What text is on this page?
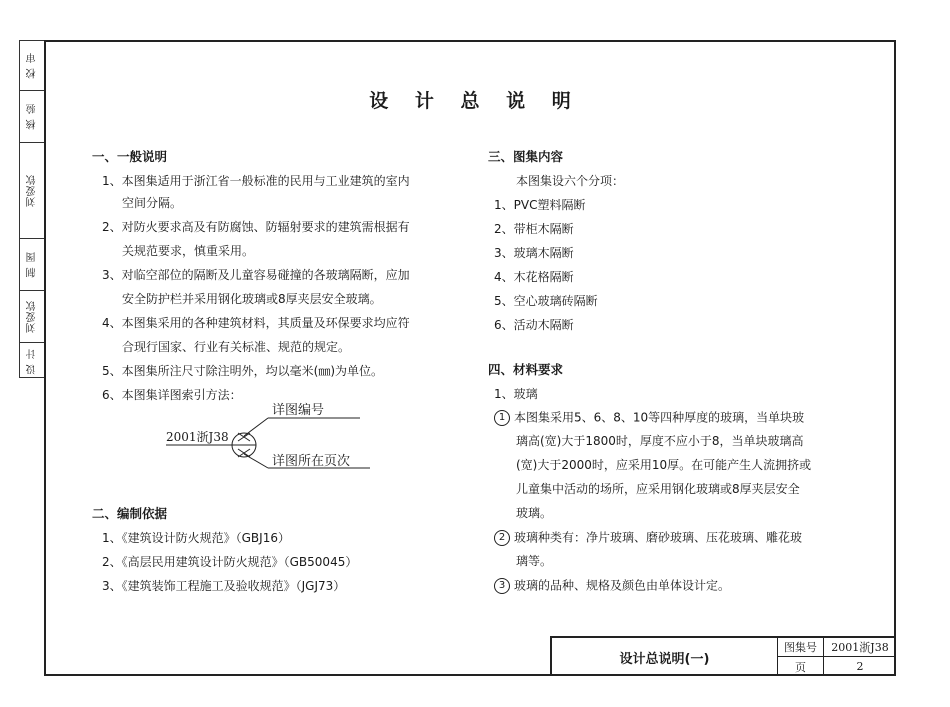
校 审
核 验
刘爱钦
制 图
刘爱钦
设 计
设 计 总 说 明
一、一般说明
1、本图集适用于浙江省一般标准的民用与工业建筑的室内
空间分隔。
2、对防火要求高及有防腐蚀、防辐射要求的建筑需根据有
关规范要求，慎重采用。
3、对临空部位的隔断及儿童容易碰撞的各玻璃隔断，应加
安全防护栏并采用钢化玻璃或8厚夹层安全玻璃。
4、本图集采用的各种建筑材料，其质量及环保要求均应符
合现行国家、行业有关标准、规范的规定。
5、本图集所注尺寸除注明外，均以毫米(㎜)为单位。
6、本图集详图索引方法：
2001浙J38
详图编号
详图所在页次
二、编制依据
1、《建筑设计防火规范》（GBJ16）
2、《高层民用建筑设计防火规范》（GB50045）
3、《建筑装饰工程施工及验收规范》（JGJ73）
三、图集内容
本图集设六个分项：
1、PVC塑料隔断
2、带柜木隔断
3、玻璃木隔断
4、木花格隔断
5、空心玻璃砖隔断
6、活动木隔断
四、材料要求
1、玻璃
1 本图集采用5、6、8、10等四种厚度的玻璃，当单块玻
璃高(宽)大于1800时，厚度不应小于8，当单块玻璃高
(宽)大于2000时，应采用10厚。在可能产生人流拥挤或
儿童集中活动的场所，应采用钢化玻璃或8厚夹层安全
玻璃。
2 玻璃种类有：净片玻璃、磨砂玻璃、压花玻璃、雕花玻
璃等。
3 玻璃的品种、规格及颜色由单体设计定。
设计总说明(一)
图集号	2001浙J38
页	2
